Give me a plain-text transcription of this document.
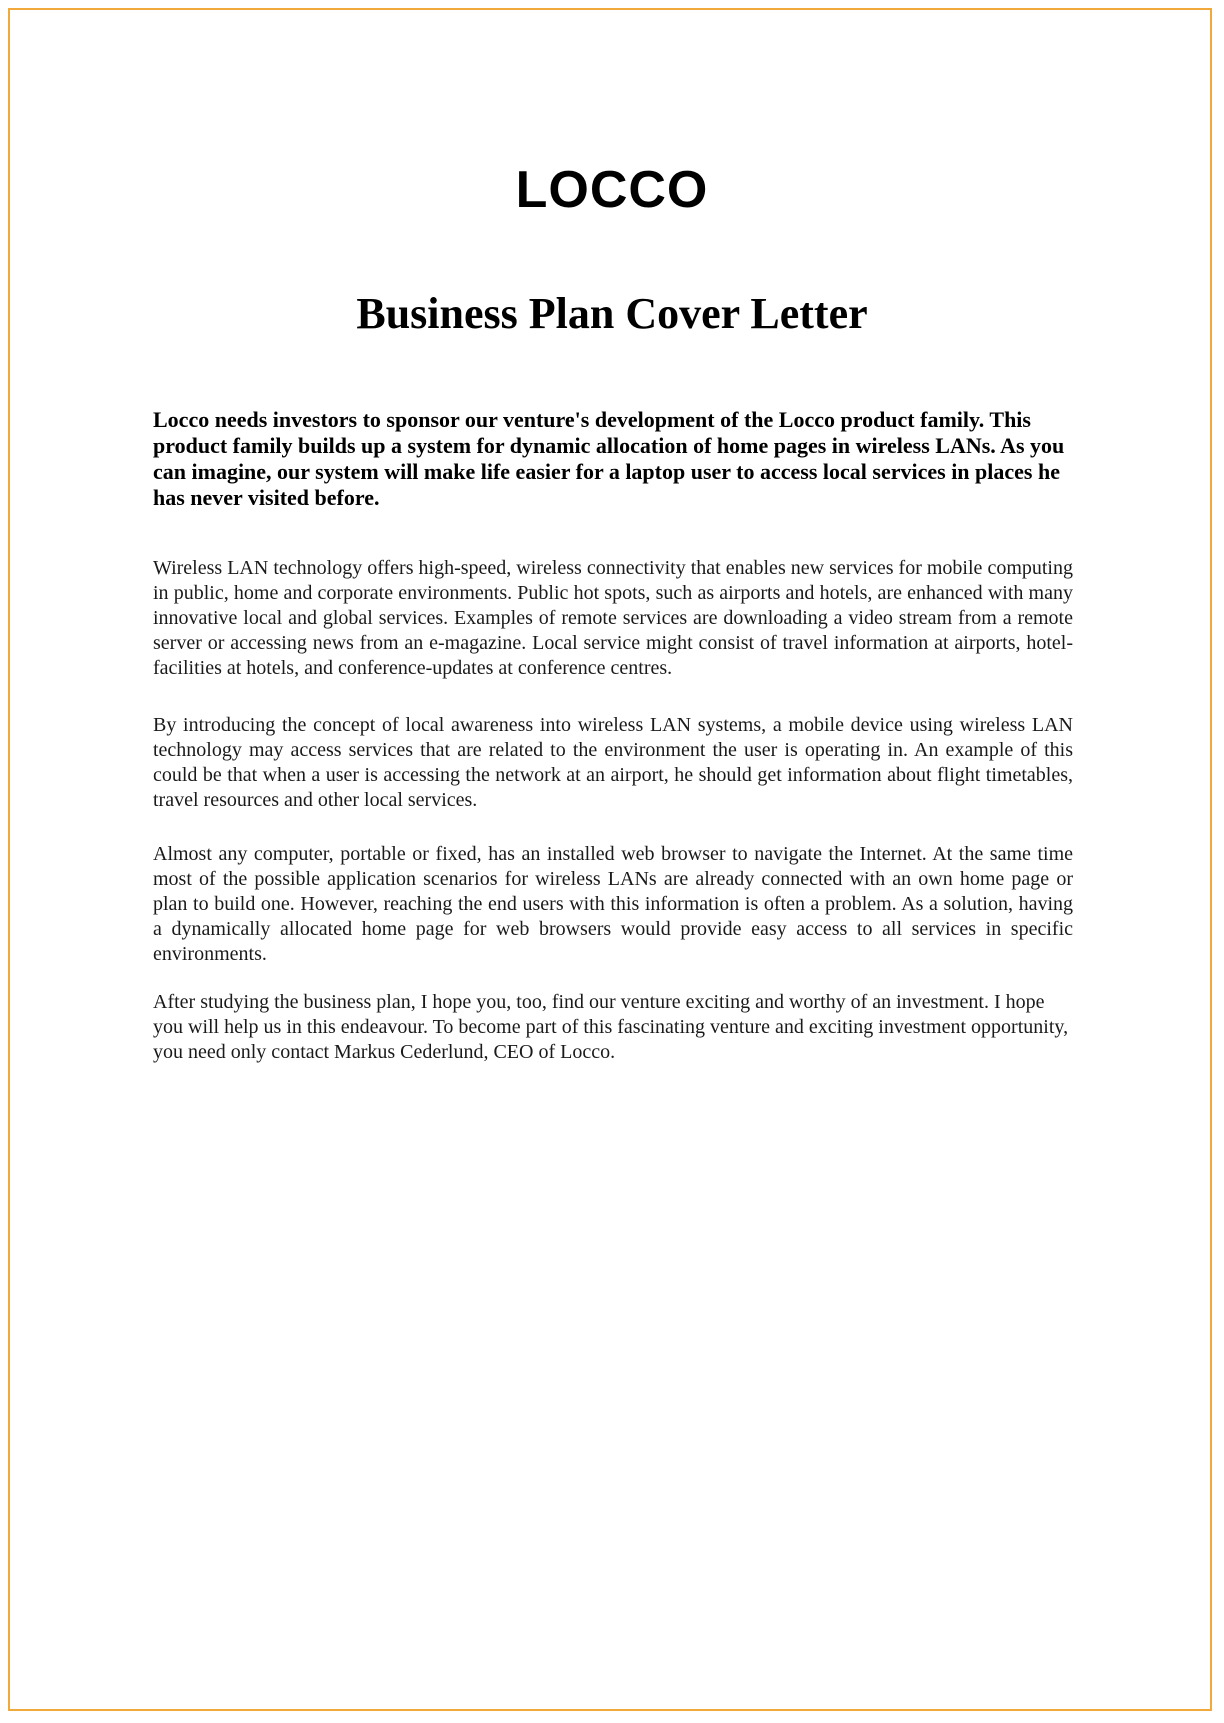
LOCCO
Business Plan Cover Letter

Locco needs investors to sponsor our venture's development of the Locco product family. This product family builds up a system for dynamic allocation of home pages in wireless LANs. As you can imagine, our system will make life easier for a laptop user to access local services in places he has never visited before.

Wireless LAN technology offers high-speed, wireless connectivity that enables new services for mobile computing in public, home and corporate environments. Public hot spots, such as airports and hotels, are enhanced with many innovative local and global services. Examples of remote services are downloading a video stream from a remote server or accessing news from an e-magazine. Local service might consist of travel information at airports, hotel-facilities at hotels, and conference-updates at conference centres.

By introducing the concept of local awareness into wireless LAN systems, a mobile device using wireless LAN technology may access services that are related to the environment the user is operating in. An example of this could be that when a user is accessing the network at an airport, he should get information about flight timetables, travel resources and other local services.

Almost any computer, portable or fixed, has an installed web browser to navigate the Internet. At the same time most of the possible application scenarios for wireless LANs are already connected with an own home page or plan to build one. However, reaching the end users with this information is often a problem. As a solution, having a dynamically allocated home page for web browsers would provide easy access to all services in specific environments.

After studying the business plan, I hope you, too, find our venture exciting and worthy of an investment. I hope you will help us in this endeavour. To become part of this fascinating venture and exciting investment opportunity, you need only contact Markus Cederlund, CEO of Locco.
